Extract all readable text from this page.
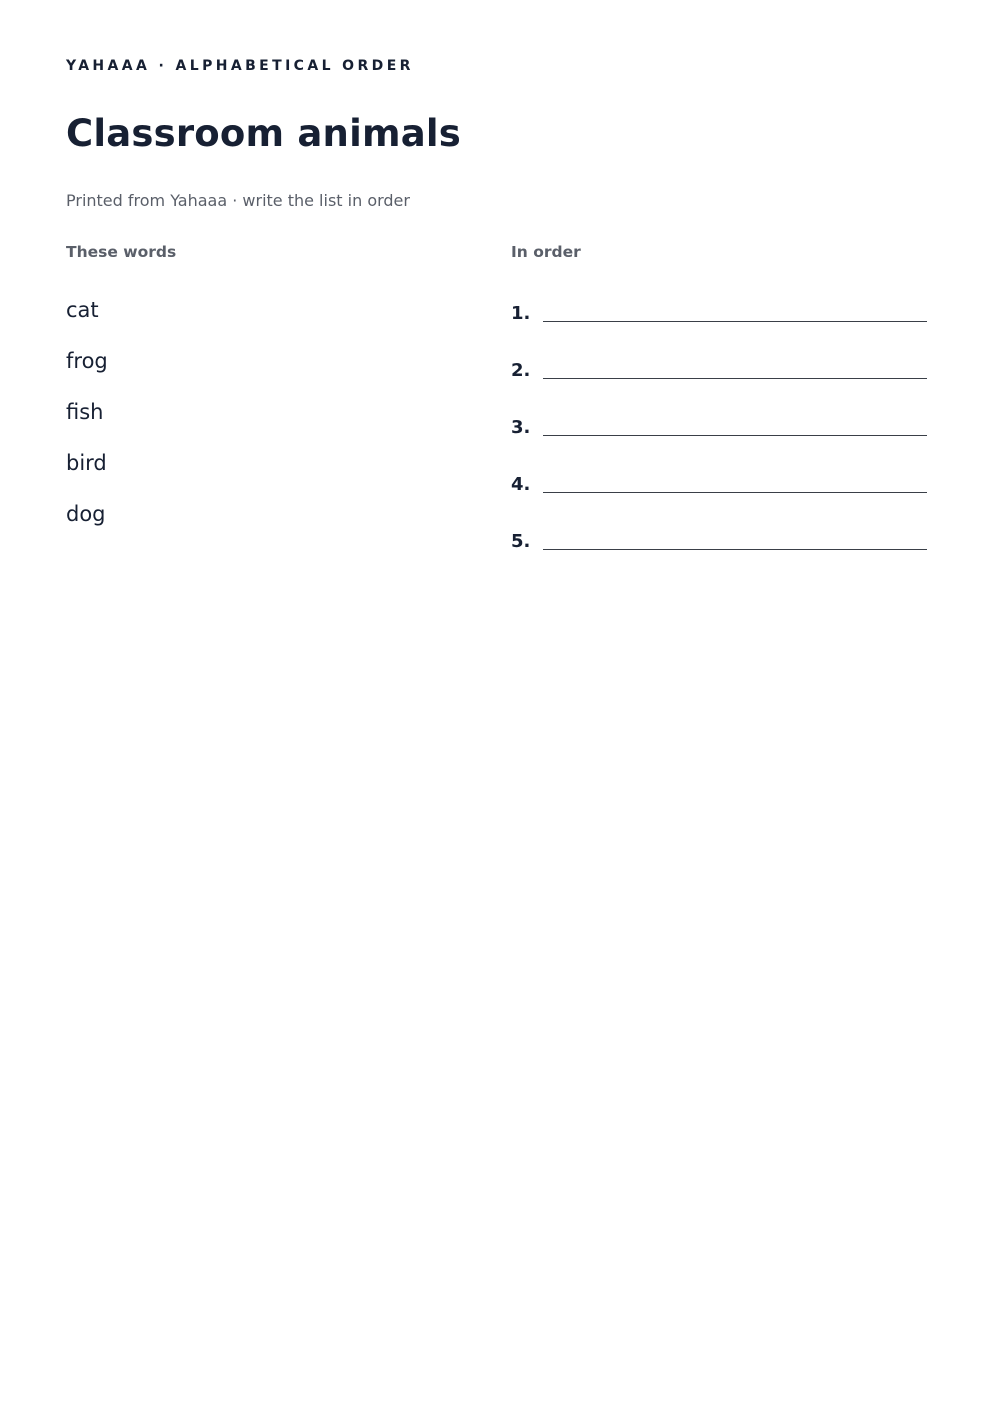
YAHAAA · ALPHABETICAL ORDER
Classroom animals
Printed from Yahaaa · write the list in order
These words	In order
cat
frog
fish
bird
dog
1.
2.
3.
4.
5.
